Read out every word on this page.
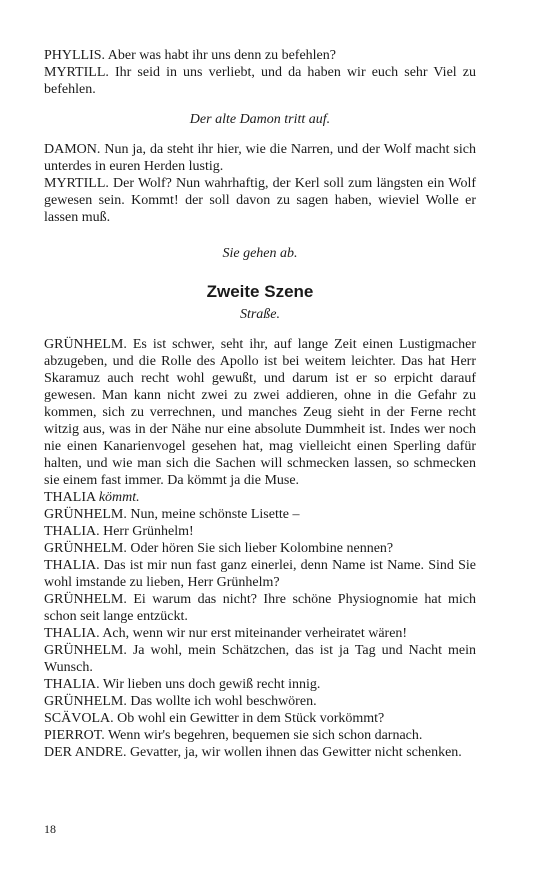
PHYLLIS. Aber was habt ihr uns denn zu befehlen?

MYRTILL. Ihr seid in uns verliebt, und da haben wir euch sehr Viel zu befehlen.

Der alte Damon tritt auf.

DAMON. Nun ja, da steht ihr hier, wie die Narren, und der Wolf macht sich unterdes in euren Herden lustig.

MYRTILL. Der Wolf? Nun wahrhaftig, der Kerl soll zum längsten ein Wolf gewesen sein. Kommt! der soll davon zu sagen haben, wieviel Wolle er lassen muß.

Sie gehen ab.

Zweite Szene

Straße.

GRÜNHELM. Es ist schwer, seht ihr, auf lange Zeit einen Lustigmacher abzugeben, und die Rolle des Apollo ist bei weitem leichter. Das hat Herr Skaramuz auch recht wohl gewußt, und darum ist er so erpicht darauf gewesen. Man kann nicht zwei zu zwei addieren, ohne in die Gefahr zu kommen, sich zu verrechnen, und manches Zeug sieht in der Ferne recht witzig aus, was in der Nähe nur eine absolute Dummheit ist. Indes wer noch nie einen Kanarienvogel gesehen hat, mag vielleicht einen Sperling dafür halten, und wie man sich die Sachen will schmecken lassen, so schmecken sie einem fast immer. Da kömmt ja die Muse.

THALIA kömmt.

GRÜNHELM. Nun, meine schönste Lisette –

THALIA. Herr Grünhelm!

GRÜNHELM. Oder hören Sie sich lieber Kolombine nennen?

THALIA. Das ist mir nun fast ganz einerlei, denn Name ist Name. Sind Sie wohl imstande zu lieben, Herr Grünhelm?

GRÜNHELM. Ei warum das nicht? Ihre schöne Physiognomie hat mich schon seit lange entzückt.

THALIA. Ach, wenn wir nur erst miteinander verheiratet wären!

GRÜNHELM. Ja wohl, mein Schätzchen, das ist ja Tag und Nacht mein Wunsch.

THALIA. Wir lieben uns doch gewiß recht innig.

GRÜNHELM. Das wollte ich wohl beschwören.

SCÄVOLA. Ob wohl ein Gewitter in dem Stück vorkömmt?

PIERROT. Wenn wir's begehren, bequemen sie sich schon darnach.

DER ANDRE. Gevatter, ja, wir wollen ihnen das Gewitter nicht schenken.

18
